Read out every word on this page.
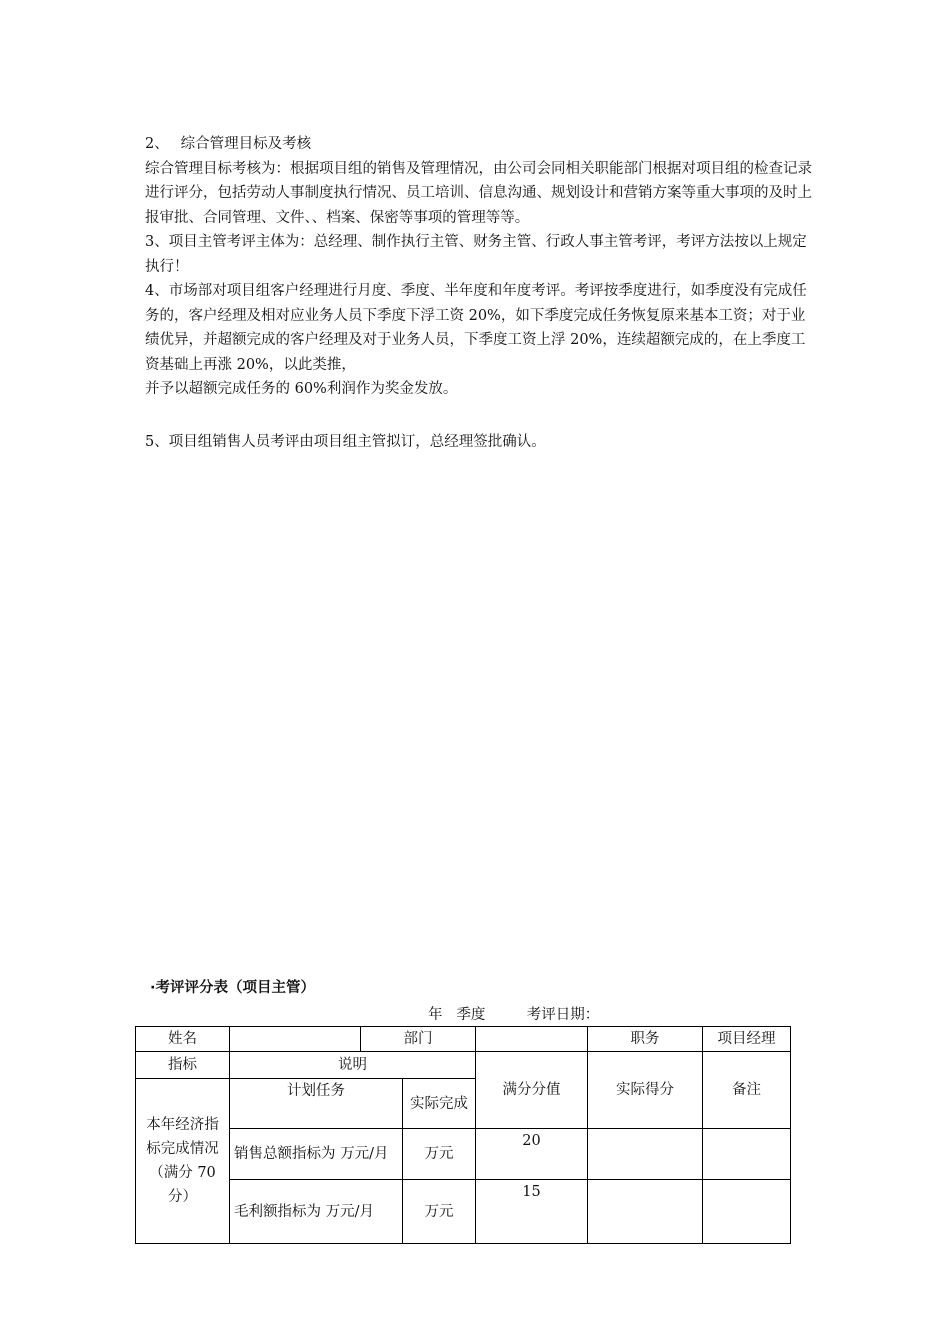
2、　 综合管理目标及考核

综合管理目标考核为：根据项目组的销售及管理情况，由公司会同相关职能部门根据对项目组的检查记录进行评分，包括劳动人事制度执行情况、员工培训、信息沟通、规划设计和营销方案等重大事项的及时上报审批、合同管理、文件、、档案、保密等事项的管理等等。

3、项目主管考评主体为：总经理、制作执行主管、财务主管、行政人事主管考评，考评方法按以上规定执行！

4、市场部对项目组客户经理进行月度、季度、半年度和年度考评。考评按季度进行，如季度没有完成任务的，客户经理及相对应业务人员下季度下浮工资 20%，如下季度完成任务恢复原来基本工资；对于业绩优异，并超额完成的客户经理及对于业务人员，下季度工资上浮 20%，连续超额完成的，在上季度工资基础上再涨 20%，以此类推，

并予以超额完成任务的 60%利润作为奖金发放。

5、项目组销售人员考评由项目组主管拟订，总经理签批确认。

·考评评分表（项目主管）
年   季度         考评日期：
姓名		部门			职务	项目经理
指标	说明			满分分值	实际得分	备注
本年经济指标完成情况（满分 70 分）	计划任务		实际完成			
	销售总额指标为 万元/月		万元	20		
	毛利额指标为 万元/月		万元	15		
